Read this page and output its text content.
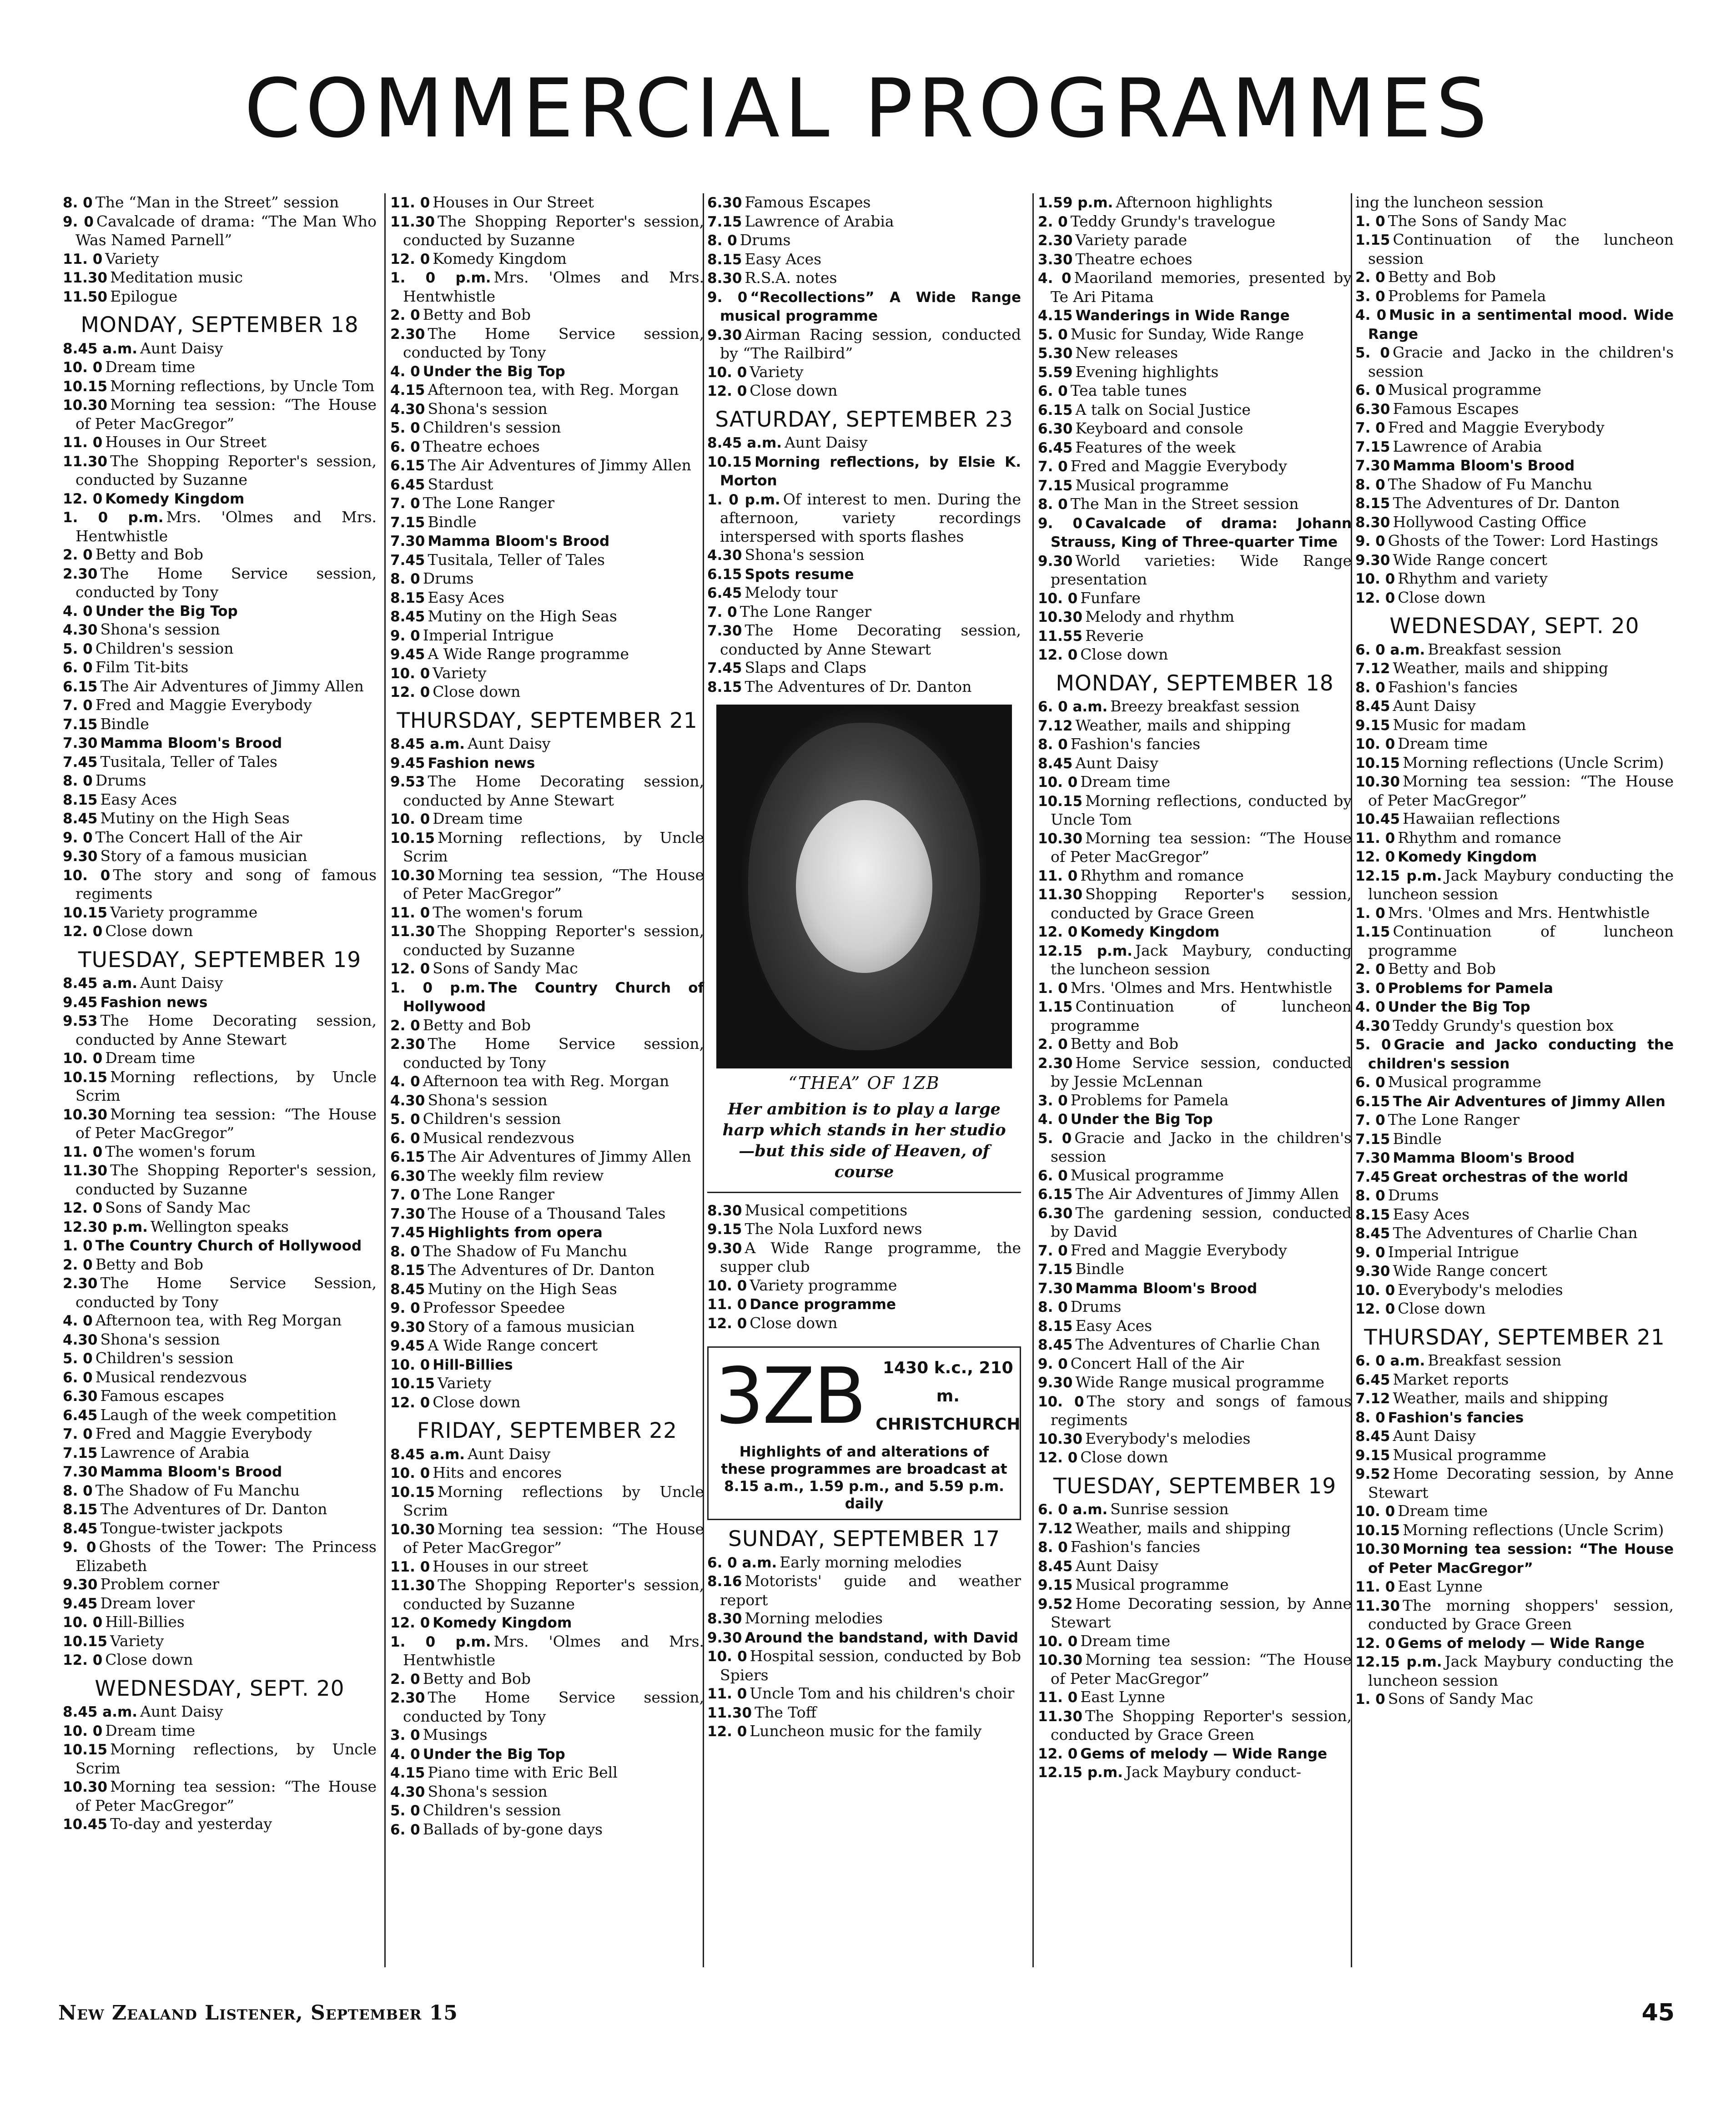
COMMERCIAL PROGRAMMES
8. 0 The “Man in the Street” session
9. 0 Cavalcade of drama: “The Man Who Was Named Parnell”
11. 0 Variety
11.30 Meditation music
11.50 Epilogue
MONDAY, SEPTEMBER 18
8.45 a.m. Aunt Daisy
10. 0 Dream time
10.15 Morning reflections, by Uncle Tom
10.30 Morning tea session: “The House of Peter MacGregor”
11. 0 Houses in Our Street
11.30 The Shopping Reporter's session, conducted by Suzanne
12. 0 Komedy Kingdom
1. 0 p.m. Mrs. 'Olmes and Mrs. Hentwhistle
2. 0 Betty and Bob
2.30 The Home Service session, conducted by Tony
4. 0 Under the Big Top
4.30 Shona's session
5. 0 Children's session
6. 0 Film Tit-bits
6.15 The Air Adventures of Jimmy Allen
7. 0 Fred and Maggie Everybody
7.15 Bindle
7.30 Mamma Bloom's Brood
7.45 Tusitala, Teller of Tales
8. 0 Drums
8.15 Easy Aces
8.45 Mutiny on the High Seas
9. 0 The Concert Hall of the Air
9.30 Story of a famous musician
10. 0 The story and song of famous regiments
10.15 Variety programme
12. 0 Close down
TUESDAY, SEPTEMBER 19
8.45 a.m. Aunt Daisy
9.45 Fashion news
9.53 The Home Decorating session, conducted by Anne Stewart
10. 0 Dream time
10.15 Morning reflections, by Uncle Scrim
10.30 Morning tea session: “The House of Peter MacGregor”
11. 0 The women's forum
11.30 The Shopping Reporter's session, conducted by Suzanne
12. 0 Sons of Sandy Mac
12.30 p.m. Wellington speaks
1. 0 The Country Church of Hollywood
2. 0 Betty and Bob
2.30 The Home Service Session, conducted by Tony
4. 0 Afternoon tea, with Reg Morgan
4.30 Shona's session
5. 0 Children's session
6. 0 Musical rendezvous
6.30 Famous escapes
6.45 Laugh of the week competition
7. 0 Fred and Maggie Everybody
7.15 Lawrence of Arabia
7.30 Mamma Bloom's Brood
8. 0 The Shadow of Fu Manchu
8.15 The Adventures of Dr. Danton
8.45 Tongue-twister jackpots
9. 0 Ghosts of the Tower: The Princess Elizabeth
9.30 Problem corner
9.45 Dream lover
10. 0 Hill-Billies
10.15 Variety
12. 0 Close down
WEDNESDAY, SEPT. 20
8.45 a.m. Aunt Daisy
10. 0 Dream time
10.15 Morning reflections, by Uncle Scrim
10.30 Morning tea session: “The House of Peter MacGregor”
10.45 To-day and yesterday
11. 0 Houses in Our Street
11.30 The Shopping Reporter's session, conducted by Suzanne
12. 0 Komedy Kingdom
1. 0 p.m. Mrs. 'Olmes and Mrs. Hentwhistle
2. 0 Betty and Bob
2.30 The Home Service session, conducted by Tony
4. 0 Under the Big Top
4.15 Afternoon tea, with Reg. Morgan
4.30 Shona's session
5. 0 Children's session
6. 0 Theatre echoes
6.15 The Air Adventures of Jimmy Allen
6.45 Stardust
7. 0 The Lone Ranger
7.15 Bindle
7.30 Mamma Bloom's Brood
7.45 Tusitala, Teller of Tales
8. 0 Drums
8.15 Easy Aces
8.45 Mutiny on the High Seas
9. 0 Imperial Intrigue
9.45 A Wide Range programme
10. 0 Variety
12. 0 Close down
THURSDAY, SEPTEMBER 21
8.45 a.m. Aunt Daisy
9.45 Fashion news
9.53 The Home Decorating session, conducted by Anne Stewart
10. 0 Dream time
10.15 Morning reflections, by Uncle Scrim
10.30 Morning tea session, “The House of Peter MacGregor”
11. 0 The women's forum
11.30 The Shopping Reporter's session, conducted by Suzanne
12. 0 Sons of Sandy Mac
1. 0 p.m. The Country Church of Hollywood
2. 0 Betty and Bob
2.30 The Home Service session, conducted by Tony
4. 0 Afternoon tea with Reg. Morgan
4.30 Shona's session
5. 0 Children's session
6. 0 Musical rendezvous
6.15 The Air Adventures of Jimmy Allen
6.30 The weekly film review
7. 0 The Lone Ranger
7.30 The House of a Thousand Tales
7.45 Highlights from opera
8. 0 The Shadow of Fu Manchu
8.15 The Adventures of Dr. Danton
8.45 Mutiny on the High Seas
9. 0 Professor Speedee
9.30 Story of a famous musician
9.45 A Wide Range concert
10. 0 Hill-Billies
10.15 Variety
12. 0 Close down
FRIDAY, SEPTEMBER 22
8.45 a.m. Aunt Daisy
10. 0 Hits and encores
10.15 Morning reflections by Uncle Scrim
10.30 Morning tea session: “The House of Peter MacGregor”
11. 0 Houses in our street
11.30 The Shopping Reporter's session, conducted by Suzanne
12. 0 Komedy Kingdom
1. 0 p.m. Mrs. 'Olmes and Mrs. Hentwhistle
2. 0 Betty and Bob
2.30 The Home Service session, conducted by Tony
3. 0 Musings
4. 0 Under the Big Top
4.15 Piano time with Eric Bell
4.30 Shona's session
5. 0 Children's session
6. 0 Ballads of by-gone days
6.30 Famous Escapes
7.15 Lawrence of Arabia
8. 0 Drums
8.15 Easy Aces
8.30 R.S.A. notes
9. 0 “Recollections” A Wide Range musical programme
9.30 Airman Racing session, conducted by “The Railbird”
10. 0 Variety
12. 0 Close down
SATURDAY, SEPTEMBER 23
8.45 a.m. Aunt Daisy
10.15 Morning reflections, by Elsie K. Morton
1. 0 p.m. Of interest to men. During the afternoon, variety recordings interspersed with sports flashes
4.30 Shona's session
6.15 Spots resume
6.45 Melody tour
7. 0 The Lone Ranger
7.30 The Home Decorating session, conducted by Anne Stewart
7.45 Slaps and Claps
8.15 The Adventures of Dr. Danton
“THEA” OF 1ZB
Her ambition is to play a large harp which stands in her studio —but this side of Heaven, of course
8.30 Musical competitions
9.15 The Nola Luxford news
9.30 A Wide Range programme, the supper club
10. 0 Variety programme
11. 0 Dance programme
12. 0 Close down
3ZB	1430 k.c., 210 m.
CHRISTCHURCH
Highlights of and alterations of these programmes are broadcast at 8.15 a.m., 1.59 p.m., and 5.59 p.m. daily
SUNDAY, SEPTEMBER 17
6. 0 a.m. Early morning melodies
8.16 Motorists' guide and weather report
8.30 Morning melodies
9.30 Around the bandstand, with David
10. 0 Hospital session, conducted by Bob Spiers
11. 0 Uncle Tom and his children's choir
11.30 The Toff
12. 0 Luncheon music for the family
1.59 p.m. Afternoon highlights
2. 0 Teddy Grundy's travelogue
2.30 Variety parade
3.30 Theatre echoes
4. 0 Maoriland memories, presented by Te Ari Pitama
4.15 Wanderings in Wide Range
5. 0 Music for Sunday, Wide Range
5.30 New releases
5.59 Evening highlights
6. 0 Tea table tunes
6.15 A talk on Social Justice
6.30 Keyboard and console
6.45 Features of the week
7. 0 Fred and Maggie Everybody
7.15 Musical programme
8. 0 The Man in the Street session
9. 0 Cavalcade of drama: Johann Strauss, King of Three-quarter Time
9.30 World varieties: Wide Range presentation
10. 0 Funfare
10.30 Melody and rhythm
11.55 Reverie
12. 0 Close down
MONDAY, SEPTEMBER 18
6. 0 a.m. Breezy breakfast session
7.12 Weather, mails and shipping
8. 0 Fashion's fancies
8.45 Aunt Daisy
10. 0 Dream time
10.15 Morning reflections, conducted by Uncle Tom
10.30 Morning tea session: “The House of Peter MacGregor”
11. 0 Rhythm and romance
11.30 Shopping Reporter's session, conducted by Grace Green
12. 0 Komedy Kingdom
12.15 p.m. Jack Maybury, conducting the luncheon session
1. 0 Mrs. 'Olmes and Mrs. Hentwhistle
1.15 Continuation of luncheon programme
2. 0 Betty and Bob
2.30 Home Service session, conducted by Jessie McLennan
3. 0 Problems for Pamela
4. 0 Under the Big Top
5. 0 Gracie and Jacko in the children's session
6. 0 Musical programme
6.15 The Air Adventures of Jimmy Allen
6.30 The gardening session, conducted by David
7. 0 Fred and Maggie Everybody
7.15 Bindle
7.30 Mamma Bloom's Brood
8. 0 Drums
8.15 Easy Aces
8.45 The Adventures of Charlie Chan
9. 0 Concert Hall of the Air
9.30 Wide Range musical programme
10. 0 The story and songs of famous regiments
10.30 Everybody's melodies
12. 0 Close down
TUESDAY, SEPTEMBER 19
6. 0 a.m. Sunrise session
7.12 Weather, mails and shipping
8. 0 Fashion's fancies
8.45 Aunt Daisy
9.15 Musical programme
9.52 Home Decorating session, by Anne Stewart
10. 0 Dream time
10.30 Morning tea session: “The House of Peter MacGregor”
11. 0 East Lynne
11.30 The Shopping Reporter's session, conducted by Grace Green
12. 0 Gems of melody — Wide Range
12.15 p.m. Jack Maybury conduct-
ing the luncheon session
1. 0 The Sons of Sandy Mac
1.15 Continuation of the luncheon session
2. 0 Betty and Bob
3. 0 Problems for Pamela
4. 0 Music in a sentimental mood. Wide Range
5. 0 Gracie and Jacko in the children's session
6. 0 Musical programme
6.30 Famous Escapes
7. 0 Fred and Maggie Everybody
7.15 Lawrence of Arabia
7.30 Mamma Bloom's Brood
8. 0 The Shadow of Fu Manchu
8.15 The Adventures of Dr. Danton
8.30 Hollywood Casting Office
9. 0 Ghosts of the Tower: Lord Hastings
9.30 Wide Range concert
10. 0 Rhythm and variety
12. 0 Close down
WEDNESDAY, SEPT. 20
6. 0 a.m. Breakfast session
7.12 Weather, mails and shipping
8. 0 Fashion's fancies
8.45 Aunt Daisy
9.15 Music for madam
10. 0 Dream time
10.15 Morning reflections (Uncle Scrim)
10.30 Morning tea session: “The House of Peter MacGregor”
10.45 Hawaiian reflections
11. 0 Rhythm and romance
12. 0 Komedy Kingdom
12.15 p.m. Jack Maybury conducting the luncheon session
1. 0 Mrs. 'Olmes and Mrs. Hentwhistle
1.15 Continuation of luncheon programme
2. 0 Betty and Bob
3. 0 Problems for Pamela
4. 0 Under the Big Top
4.30 Teddy Grundy's question box
5. 0 Gracie and Jacko conducting the children's session
6. 0 Musical programme
6.15 The Air Adventures of Jimmy Allen
7. 0 The Lone Ranger
7.15 Bindle
7.30 Mamma Bloom's Brood
7.45 Great orchestras of the world
8. 0 Drums
8.15 Easy Aces
8.45 The Adventures of Charlie Chan
9. 0 Imperial Intrigue
9.30 Wide Range concert
10. 0 Everybody's melodies
12. 0 Close down
THURSDAY, SEPTEMBER 21
6. 0 a.m. Breakfast session
6.45 Market reports
7.12 Weather, mails and shipping
8. 0 Fashion's fancies
8.45 Aunt Daisy
9.15 Musical programme
9.52 Home Decorating session, by Anne Stewart
10. 0 Dream time
10.15 Morning reflections (Uncle Scrim)
10.30 Morning tea session: “The House of Peter MacGregor”
11. 0 East Lynne
11.30 The morning shoppers' session, conducted by Grace Green
12. 0 Gems of melody — Wide Range
12.15 p.m. Jack Maybury conducting the luncheon session
1. 0 Sons of Sandy Mac
New Zealand Listener, September 15	45
